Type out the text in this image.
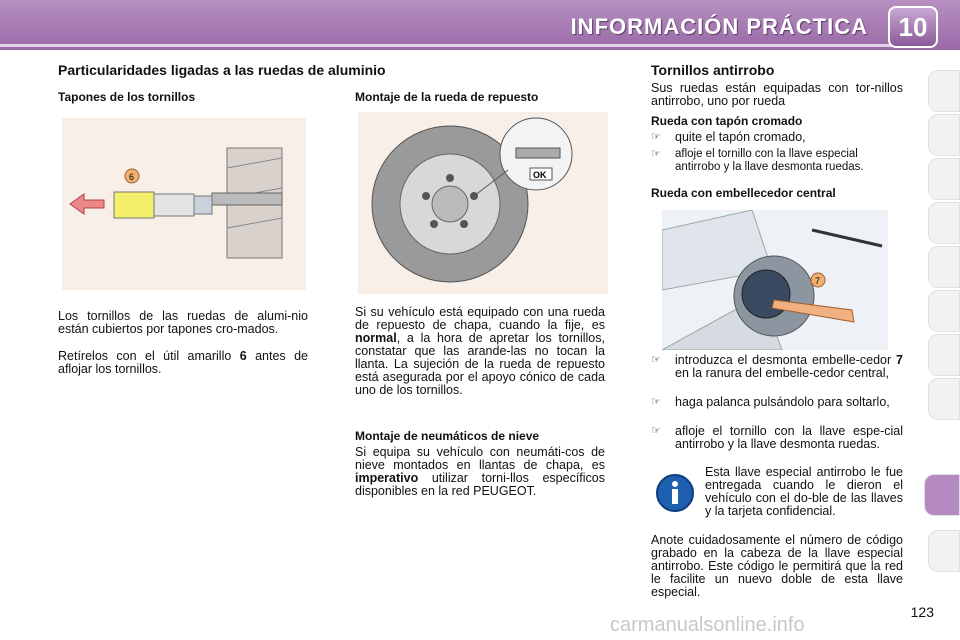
INFORMACIÓN PRÁCTICA	10
Particularidades ligadas a las ruedas de aluminio
Tapones de los tornillos
6
Los tornillos de las ruedas de alumi-nio están cubiertos por tapones cro-mados.
Retírelos con el útil amarillo 6 antes de aflojar los tornillos.
Montaje de la rueda de repuesto
OK
Si su vehículo está equipado con una rueda de repuesto de chapa, cuando la fije, es normal, a la hora de apretar los tornillos, constatar que las arande-las no tocan la llanta. La sujeción de la rueda de repuesto está asegurada por el apoyo cónico de cada uno de los tornillos.
Montaje de neumáticos de nieve
Si equipa su vehículo con neumáti-cos de nieve montados en llantas de chapa, es imperativo utilizar torni-llos específicos disponibles en la red PEUGEOT.
Tornillos antirrobo
Sus ruedas están equipadas con tor-nillos antirrobo, uno por rueda
Rueda con tapón cromado
☞	quite el tapón cromado,
☞	afloje el tornillo con la llave especial antirrobo y la llave desmonta ruedas.
Rueda con embellecedor central
7
☞	introduzca el desmonta embelle-cedor 7 en la ranura del embelle-cedor central,
☞	haga palanca pulsándolo para soltarlo,
☞	afloje el tornillo con la llave espe-cial antirrobo y la llave desmonta ruedas.
Esta llave especial antirrobo le fue entregada cuando le dieron el vehículo con el do-ble de las llaves y la tarjeta confidencial.
Anote cuidadosamente el número de código grabado en la cabeza de la llave especial antirrobo. Este código le permitirá que la red le facilite un nuevo doble de esta llave especial.
123
carmanualsonline.info
